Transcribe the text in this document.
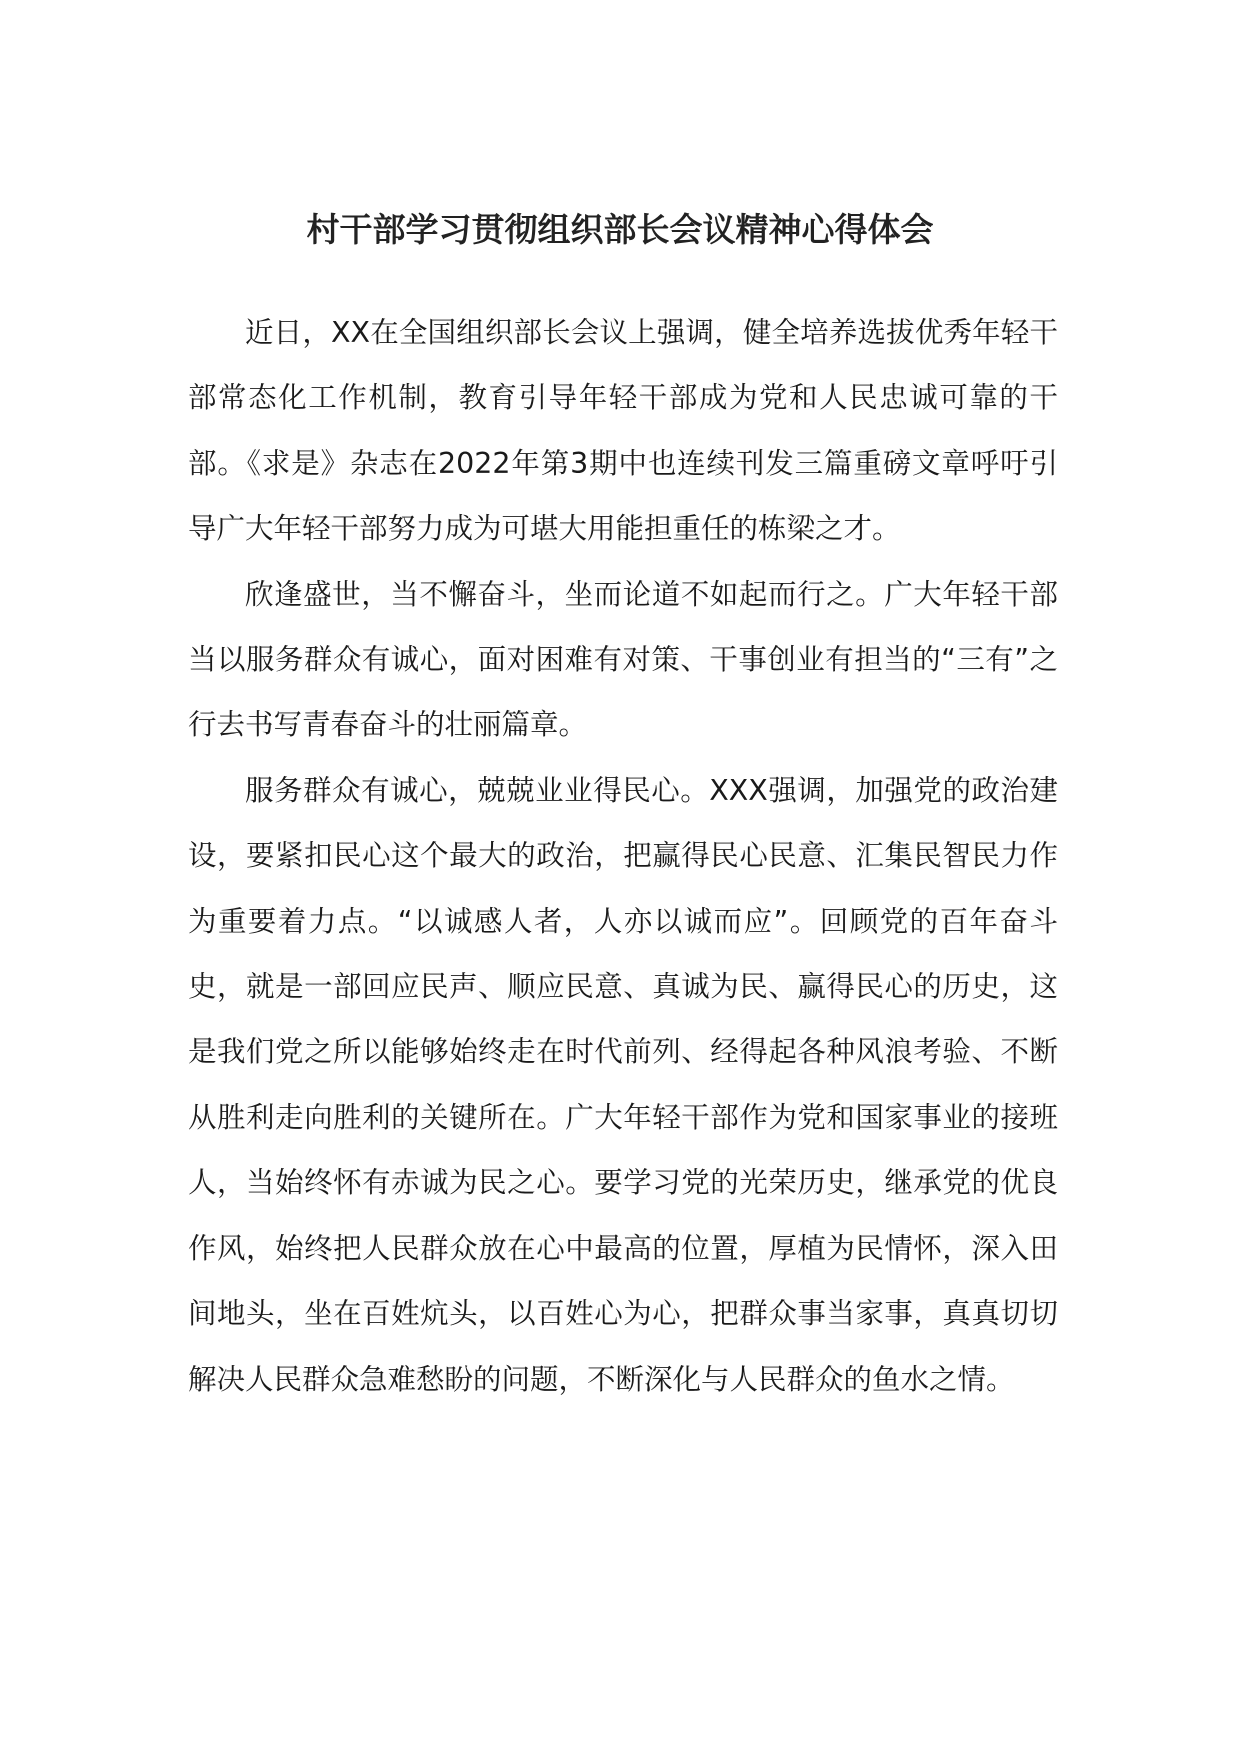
村干部学习贯彻组织部长会议精神心得体会

近日，XX在全国组织部长会议上强调，健全培养选拔优秀年轻干部常态化工作机制，教育引导年轻干部成为党和人民忠诚可靠的干部。《求是》杂志在2022年第3期中也连续刊发三篇重磅文章呼吁引导广大年轻干部努力成为可堪大用能担重任的栋梁之才。

欣逢盛世，当不懈奋斗，坐而论道不如起而行之。广大年轻干部当以服务群众有诚心，面对困难有对策、干事创业有担当的“三有”之行去书写青春奋斗的壮丽篇章。

服务群众有诚心，兢兢业业得民心。XXX强调，加强党的政治建设，要紧扣民心这个最大的政治，把赢得民心民意、汇集民智民力作为重要着力点。“以诚感人者，人亦以诚而应”。回顾党的百年奋斗史，就是一部回应民声、顺应民意、真诚为民、赢得民心的历史，这是我们党之所以能够始终走在时代前列、经得起各种风浪考验、不断从胜利走向胜利的关键所在。广大年轻干部作为党和国家事业的接班人，当始终怀有赤诚为民之心。要学习党的光荣历史，继承党的优良作风，始终把人民群众放在心中最高的位置，厚植为民情怀，深入田间地头，坐在百姓炕头，以百姓心为心，把群众事当家事，真真切切解决人民群众急难愁盼的问题，不断深化与人民群众的鱼水之情。
